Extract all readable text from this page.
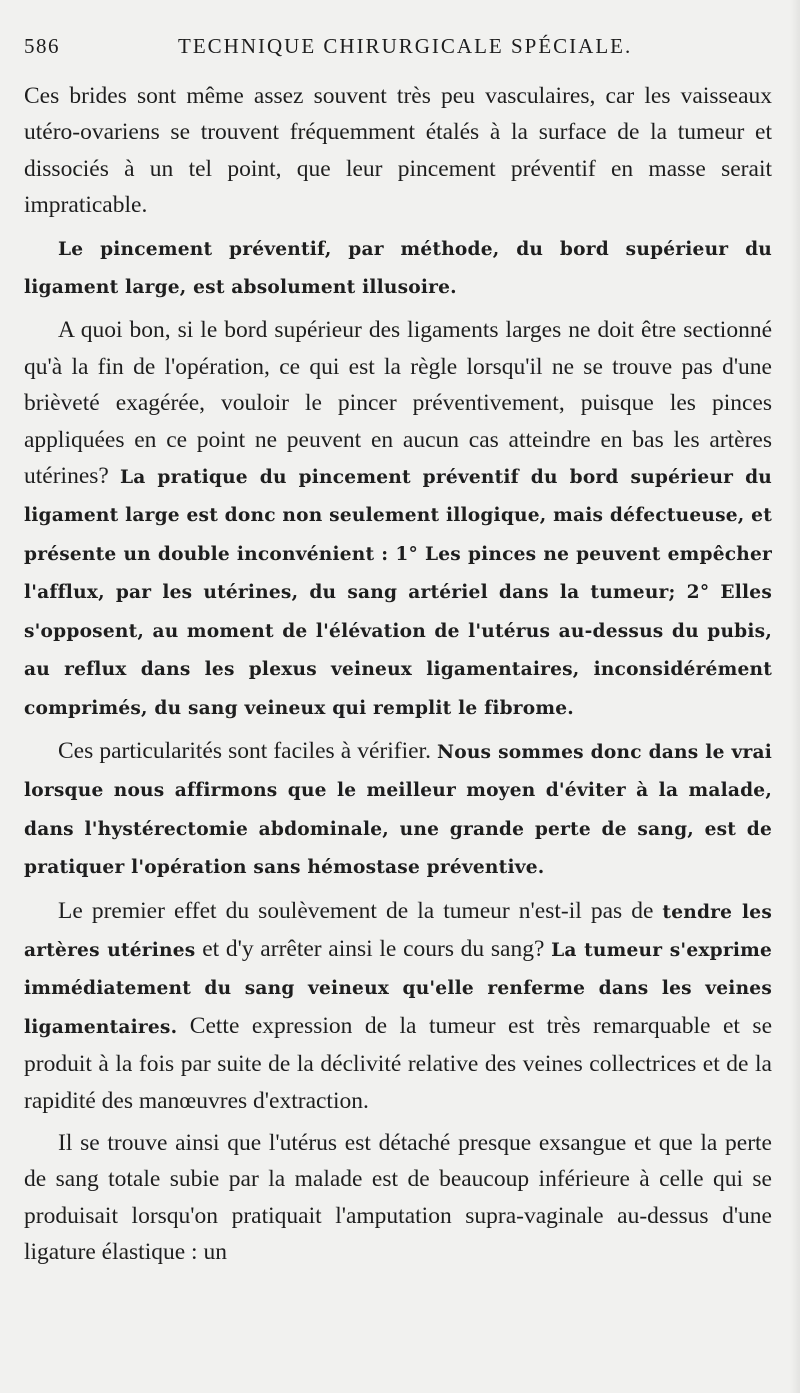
586	TECHNIQUE CHIRURGICALE SPÉCIALE.

Ces brides sont même assez souvent très peu vasculaires, car les vaisseaux utéro-ovariens se trouvent fréquemment étalés à la surface de la tumeur et dissociés à un tel point, que leur pincement préventif en masse serait impraticable.

Le pincement préventif, par méthode, du bord supérieur du ligament large, est absolument illusoire.

A quoi bon, si le bord supérieur des ligaments larges ne doit être sectionné qu'à la fin de l'opération, ce qui est la règle lorsqu'il ne se trouve pas d'une brièveté exagérée, vouloir le pincer préventivement, puisque les pinces appliquées en ce point ne peuvent en aucun cas atteindre en bas les artères utérines? La pratique du pincement préventif du bord supérieur du ligament large est donc non seulement illogique, mais défectueuse, et présente un double inconvénient : 1° Les pinces ne peuvent empêcher l'afflux, par les utérines, du sang artériel dans la tumeur; 2° Elles s'opposent, au moment de l'élévation de l'utérus au-dessus du pubis, au reflux dans les plexus veineux ligamentaires, inconsidérément comprimés, du sang veineux qui remplit le fibrome.

Ces particularités sont faciles à vérifier. Nous sommes donc dans le vrai lorsque nous affirmons que le meilleur moyen d'éviter à la malade, dans l'hystérectomie abdominale, une grande perte de sang, est de pratiquer l'opération sans hémostase préventive.

Le premier effet du soulèvement de la tumeur n'est-il pas de tendre les artères utérines et d'y arrêter ainsi le cours du sang? La tumeur s'exprime immédiatement du sang veineux qu'elle renferme dans les veines ligamentaires. Cette expression de la tumeur est très remarquable et se produit à la fois par suite de la déclivité relative des veines collectrices et de la rapidité des manœuvres d'extraction.

Il se trouve ainsi que l'utérus est détaché presque exsangue et que la perte de sang totale subie par la malade est de beaucoup inférieure à celle qui se produisait lorsqu'on pratiquait l'amputation supra-vaginale au-dessus d'une ligature élastique : un
